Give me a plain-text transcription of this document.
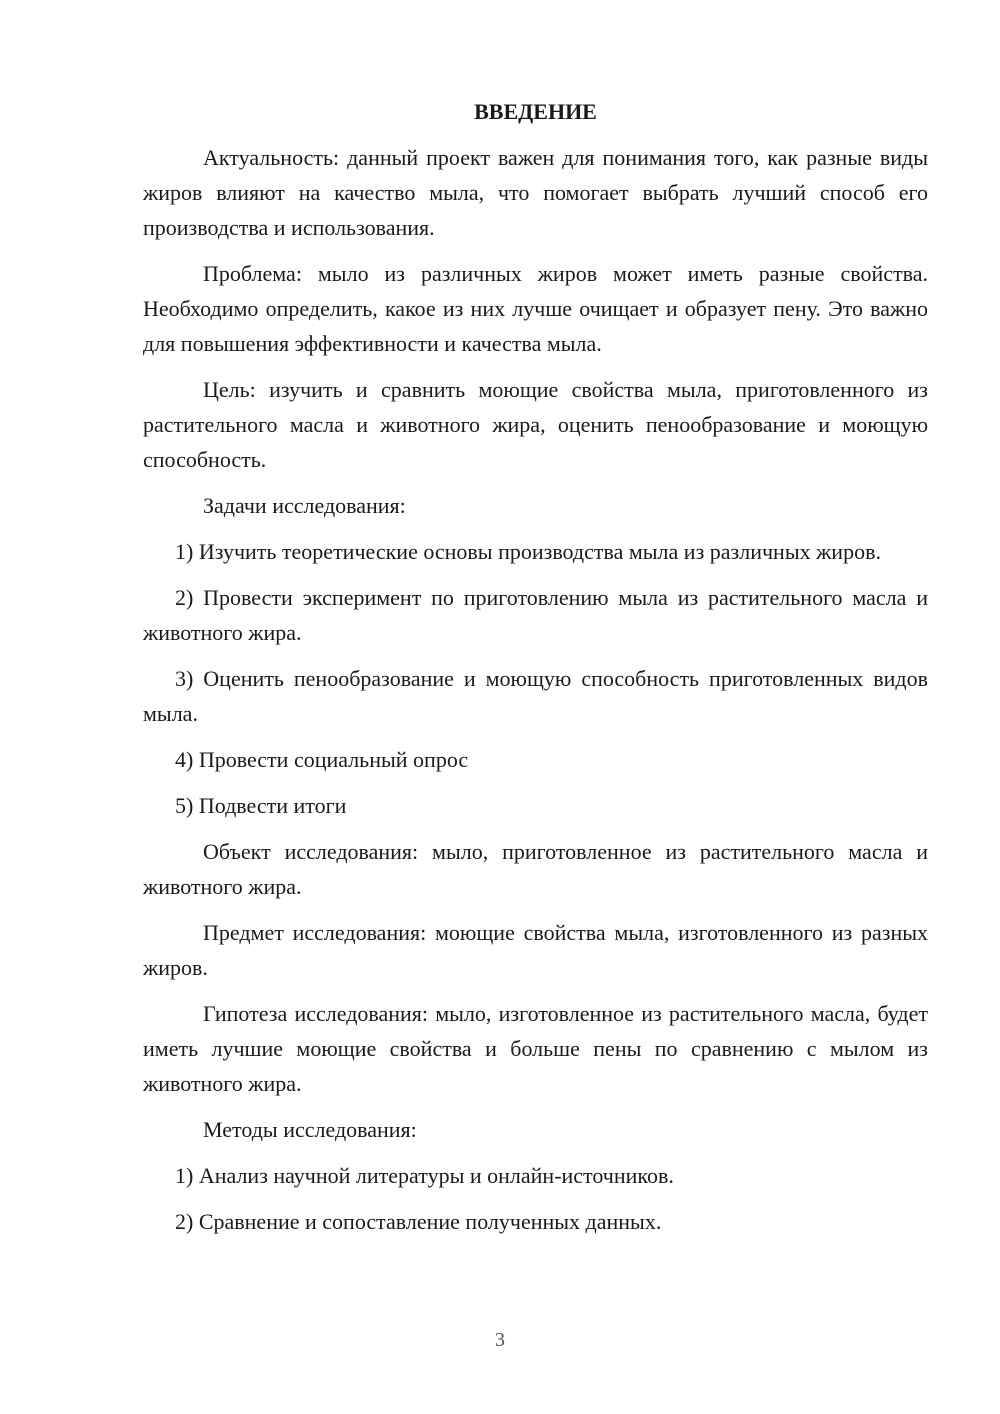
ВВЕДЕНИЕ

Актуальность: данный проект важен для понимания того, как разные виды жиров влияют на качество мыла, что помогает выбрать лучший способ его производства и использования.

Проблема: мыло из различных жиров может иметь разные свойства. Необходимо определить, какое из них лучше очищает и образует пену. Это важно для повышения эффективности и качества мыла.

Цель: изучить и сравнить моющие свойства мыла, приготовленного из растительного масла и животного жира, оценить пенообразование и моющую способность.

Задачи исследования:

1) Изучить теоретические основы производства мыла из различных жиров.

2) Провести эксперимент по приготовлению мыла из растительного масла и животного жира.

3) Оценить пенообразование и моющую способность приготовленных видов мыла.

4) Провести социальный опрос

5) Подвести итоги

Объект исследования: мыло, приготовленное из растительного масла и животного жира.

Предмет исследования: моющие свойства мыла, изготовленного из разных жиров.

Гипотеза исследования: мыло, изготовленное из растительного масла, будет иметь лучшие моющие свойства и больше пены по сравнению с мылом из животного жира.

Методы исследования:

1) Анализ научной литературы и онлайн-источников.

2) Сравнение и сопоставление полученных данных.

3
